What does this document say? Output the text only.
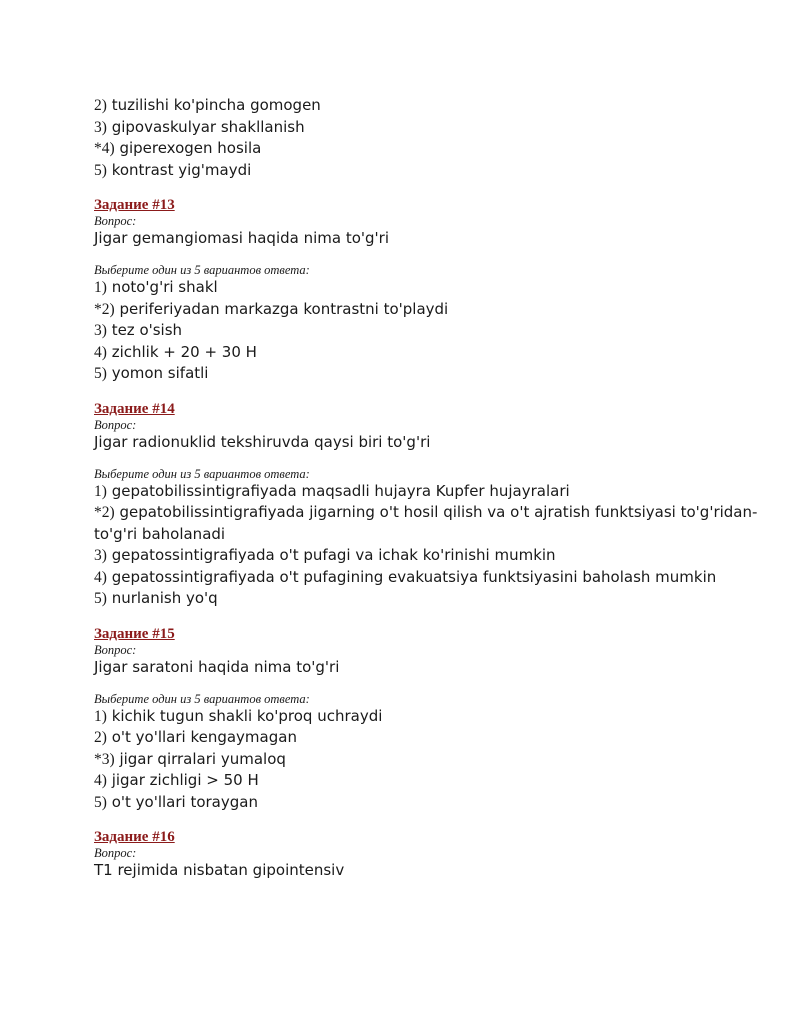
2) tuzilishi ko'pincha gomogen
3) gipovaskulyar shakllanish
*4) giperexogen hosila
5) kontrast yig'maydi
Задание #13
Вопрос:
Jigar gemangiomasi haqida nima to'g'ri
Выберите один из 5 вариантов ответа:
1) noto'g'ri shakl
*2) periferiyadan markazga kontrastni to'playdi
3) tez o'sish
4) zichlik + 20 + 30 H
5) yomon sifatli
Задание #14
Вопрос:
Jigar radionuklid tekshiruvda qaysi biri to'g'ri
Выберите один из 5 вариантов ответа:
1) gepatobilissintigrafiyada maqsadli hujayra Kupfer hujayralari
*2) gepatobilissintigrafiyada jigarning o't hosil qilish va o't ajratish funktsiyasi to'g'ridan-to'g'ri baholanadi
3) gepatossintigrafiyada o't pufagi va ichak ko'rinishi mumkin
4) gepatossintigrafiyada o't pufagining evakuatsiya funktsiyasini baholash mumkin
5) nurlanish yo'q
Задание #15
Вопрос:
Jigar saratoni haqida nima to'g'ri
Выберите один из 5 вариантов ответа:
1) kichik tugun shakli ko'proq uchraydi
2) o't yo'llari kengaymagan
*3) jigar qirralari yumaloq
4) jigar zichligi > 50 H
5) o't yo'llari toraygan
Задание #16
Вопрос:
T1 rejimida nisbatan gipointensiv
